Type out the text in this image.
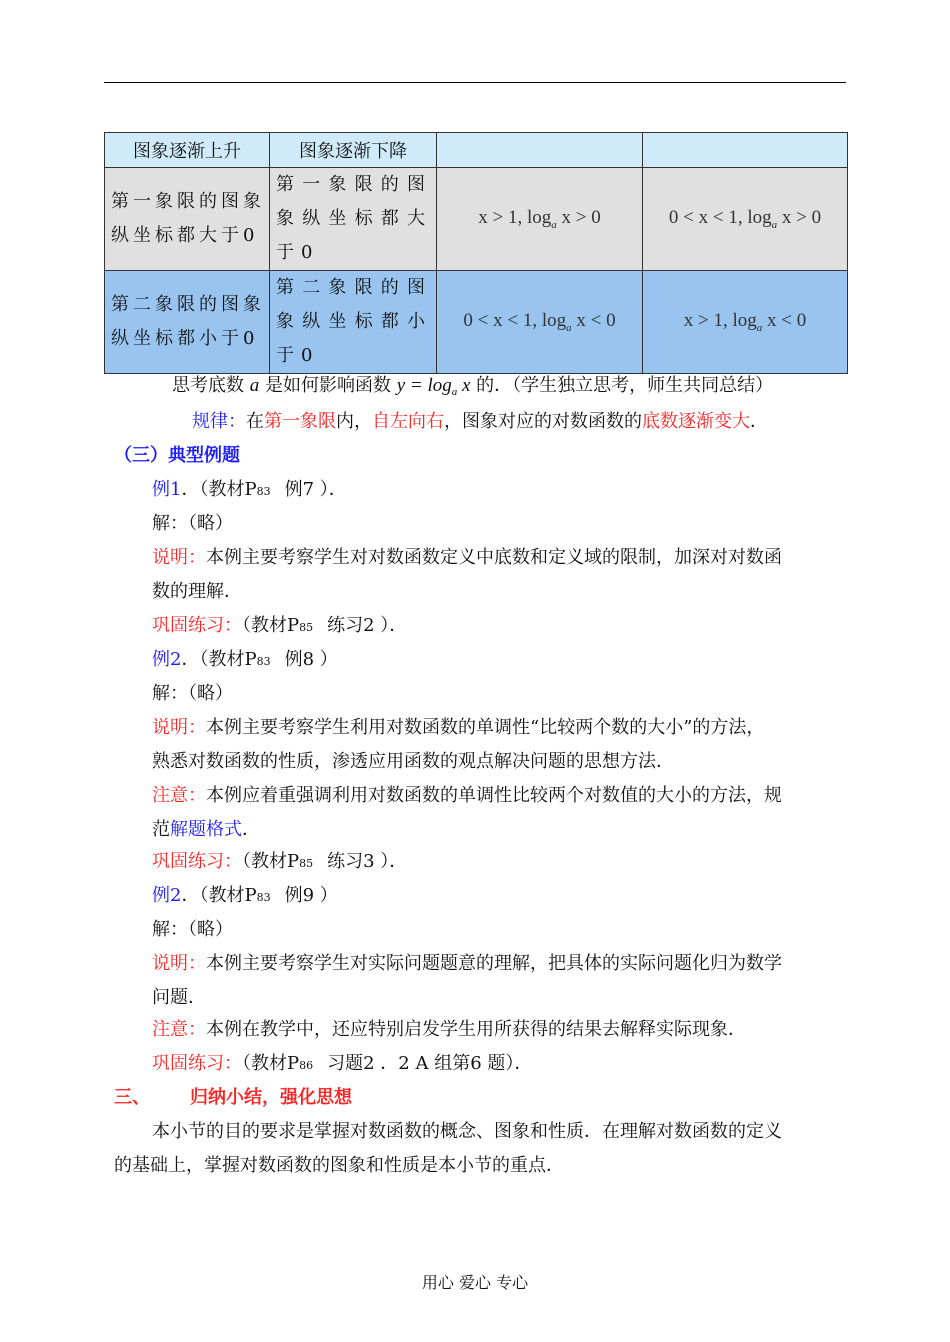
图象逐渐上升	图象逐渐下降		

第一象限的图象纵坐标都大于0	第一象限的图象纵坐标都大于0	x > 1, $\log_a x > 0$	0 < x < 1, $\log_a x > 0$

第二象限的图象纵坐标都小于0	第二象限的图象纵坐标都小于0	0 < x < 1, $\log_a x < 0$	x > 1, $\log_a x < 0$
思考底数 a 是如何影响函数 $y = \log_a x$ 的．（学生独立思考，师生共同总结）
规律：在第一象限内，自左向右，图象对应的对数函数的底数逐渐变大．
（三）典型例题
例1．（教材P83 例7 ）．
解：（略）
说明：本例主要考察学生对对数函数定义中底数和定义域的限制，加深对对数函
数的理解．
巩固练习：（教材P85 练习2 ）．
例2．（教材P83 例8 ）
解：（略）
说明：本例主要考察学生利用对数函数的单调性“比较两个数的大小”的方法，
熟悉对数函数的性质，渗透应用函数的观点解决问题的思想方法．
注意：本例应着重强调利用对数函数的单调性比较两个对数值的大小的方法，规
范解题格式．
巩固练习：（教材P85 练习3 ）．
例2．（教材P83 例9 ）
解：（略）
说明：本例主要考察学生对实际问题题意的理解，把具体的实际问题化归为数学
问题．
注意：本例在教学中，还应特别启发学生用所获得的结果去解释实际现象．
巩固练习：（教材P86 习题2 ．2 A 组第6 题）．
三、 归纳小结，强化思想
本小节的目的要求是掌握对数函数的概念、图象和性质．在理解对数函数的定义
的基础上，掌握对数函数的图象和性质是本小节的重点．
用心 爱心 专心
